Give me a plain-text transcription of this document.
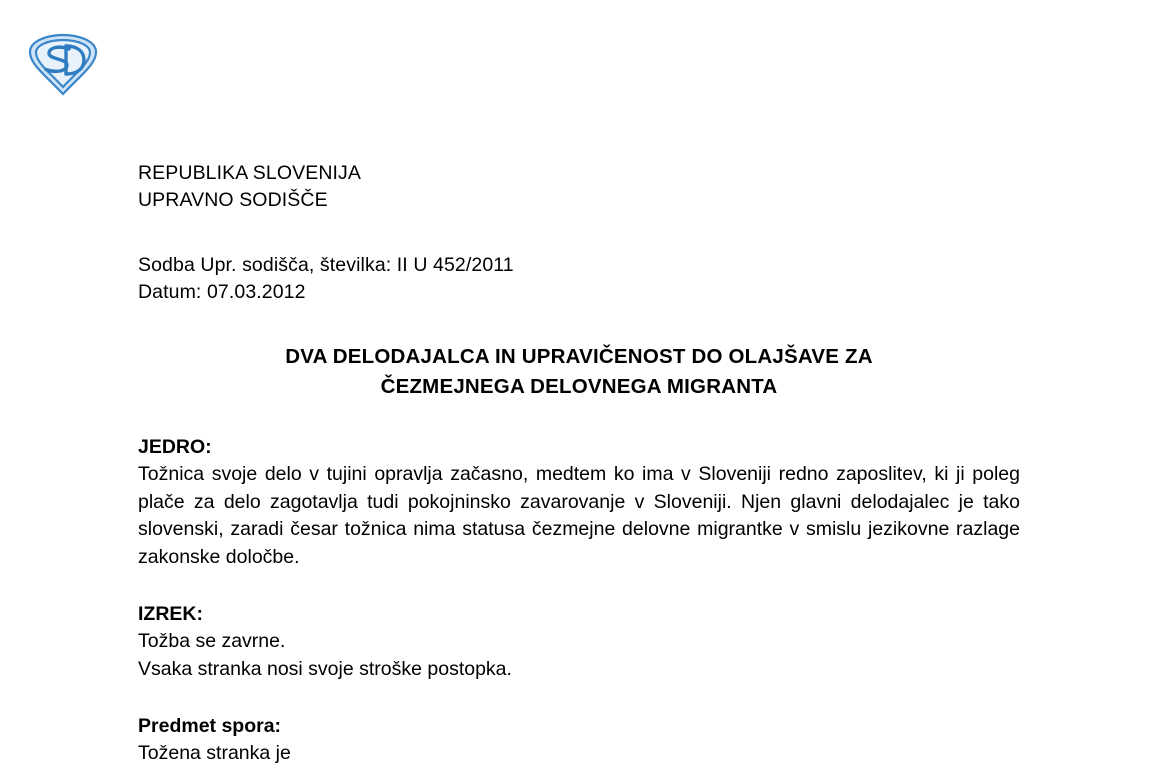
REPUBLIKA SLOVENIJA
UPRAVNO SODIŠČE
Sodba Upr. sodišča, številka: II U 452/2011
Datum: 07.03.2012
DVA DELODAJALCA IN UPRAVIČENOST DO OLAJŠAVE ZA
ČEZMEJNEGA DELOVNEGA MIGRANTA
JEDRO:
Tožnica svoje delo v tujini opravlja začasno, medtem ko ima v Sloveniji redno zaposlitev, ki ji poleg plače za delo zagotavlja tudi pokojninsko zavarovanje v Sloveniji. Njen glavni delodajalec je tako slovenski, zaradi česar tožnica nima statusa čezmejne delovne migrantke v smislu jezikovne razlage zakonske določbe.
IZREK:
Tožba se zavrne.
Vsaka stranka nosi svoje stroške postopka.
Predmet spora:
Tožena stranka je
